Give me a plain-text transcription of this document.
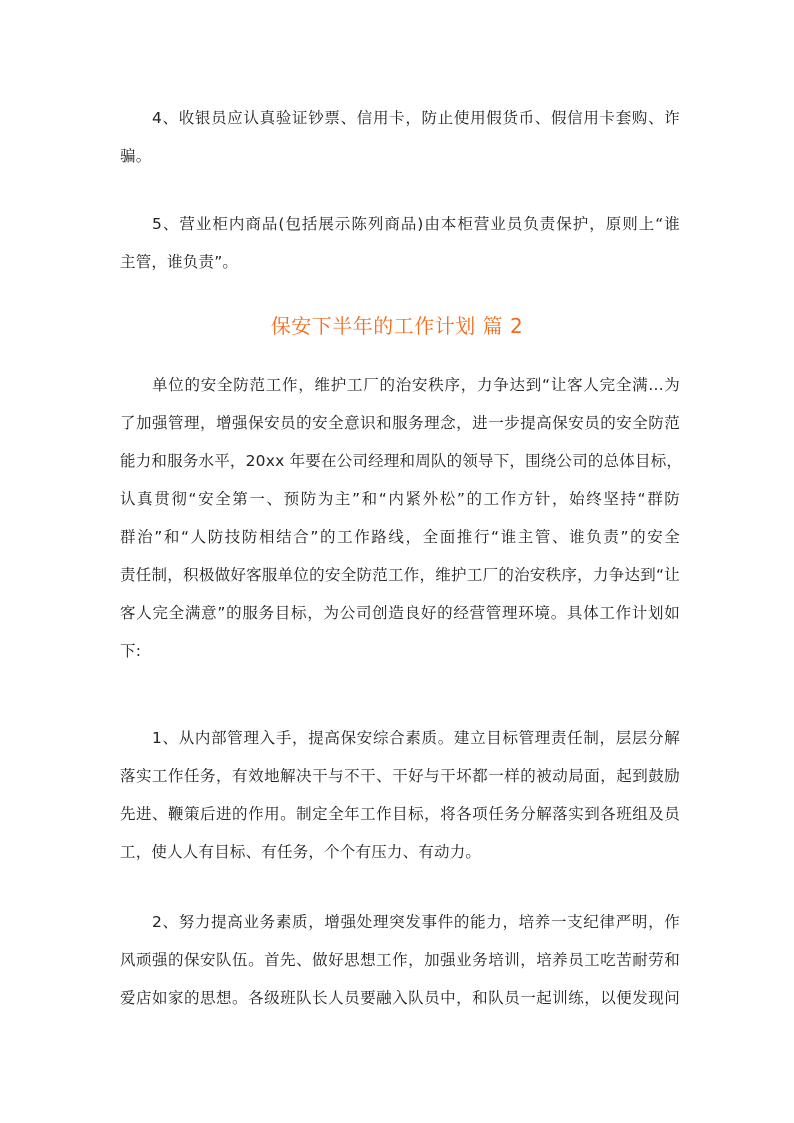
4、收银员应认真验证钞票、信用卡，防止使用假货币、假信用卡套购、诈
骗。
5、营业柜内商品(包括展示陈列商品)由本柜营业员负责保护，原则上“谁
主管，谁负责”。
保安下半年的工作计划 篇 2
单位的安全防范工作，维护工厂的治安秩序，力争达到“让客人完全满...为
了加强管理，增强保安员的安全意识和服务理念，进一步提高保安员的安全防范
能力和服务水平，20xx 年要在公司经理和周队的领导下，围绕公司的总体目标，
认真贯彻“安全第一、预防为主”和“内紧外松”的工作方针，始终坚持“群防
群治”和“人防技防相结合”的工作路线，全面推行“谁主管、谁负责”的安全
责任制，积极做好客服单位的安全防范工作，维护工厂的治安秩序，力争达到“让
客人完全满意”的服务目标，为公司创造良好的经营管理环境。具体工作计划如
下:
1、从内部管理入手，提高保安综合素质。建立目标管理责任制，层层分解
落实工作任务，有效地解决干与不干、干好与干坏都一样的被动局面，起到鼓励
先进、鞭策后进的作用。制定全年工作目标，将各项任务分解落实到各班组及员
工，使人人有目标、有任务，个个有压力、有动力。
2、努力提高业务素质，增强处理突发事件的能力，培养一支纪律严明，作
风顽强的保安队伍。首先、做好思想工作，加强业务培训，培养员工吃苦耐劳和
爱店如家的思想。各级班队长人员要融入队员中，和队员一起训练，以便发现问
